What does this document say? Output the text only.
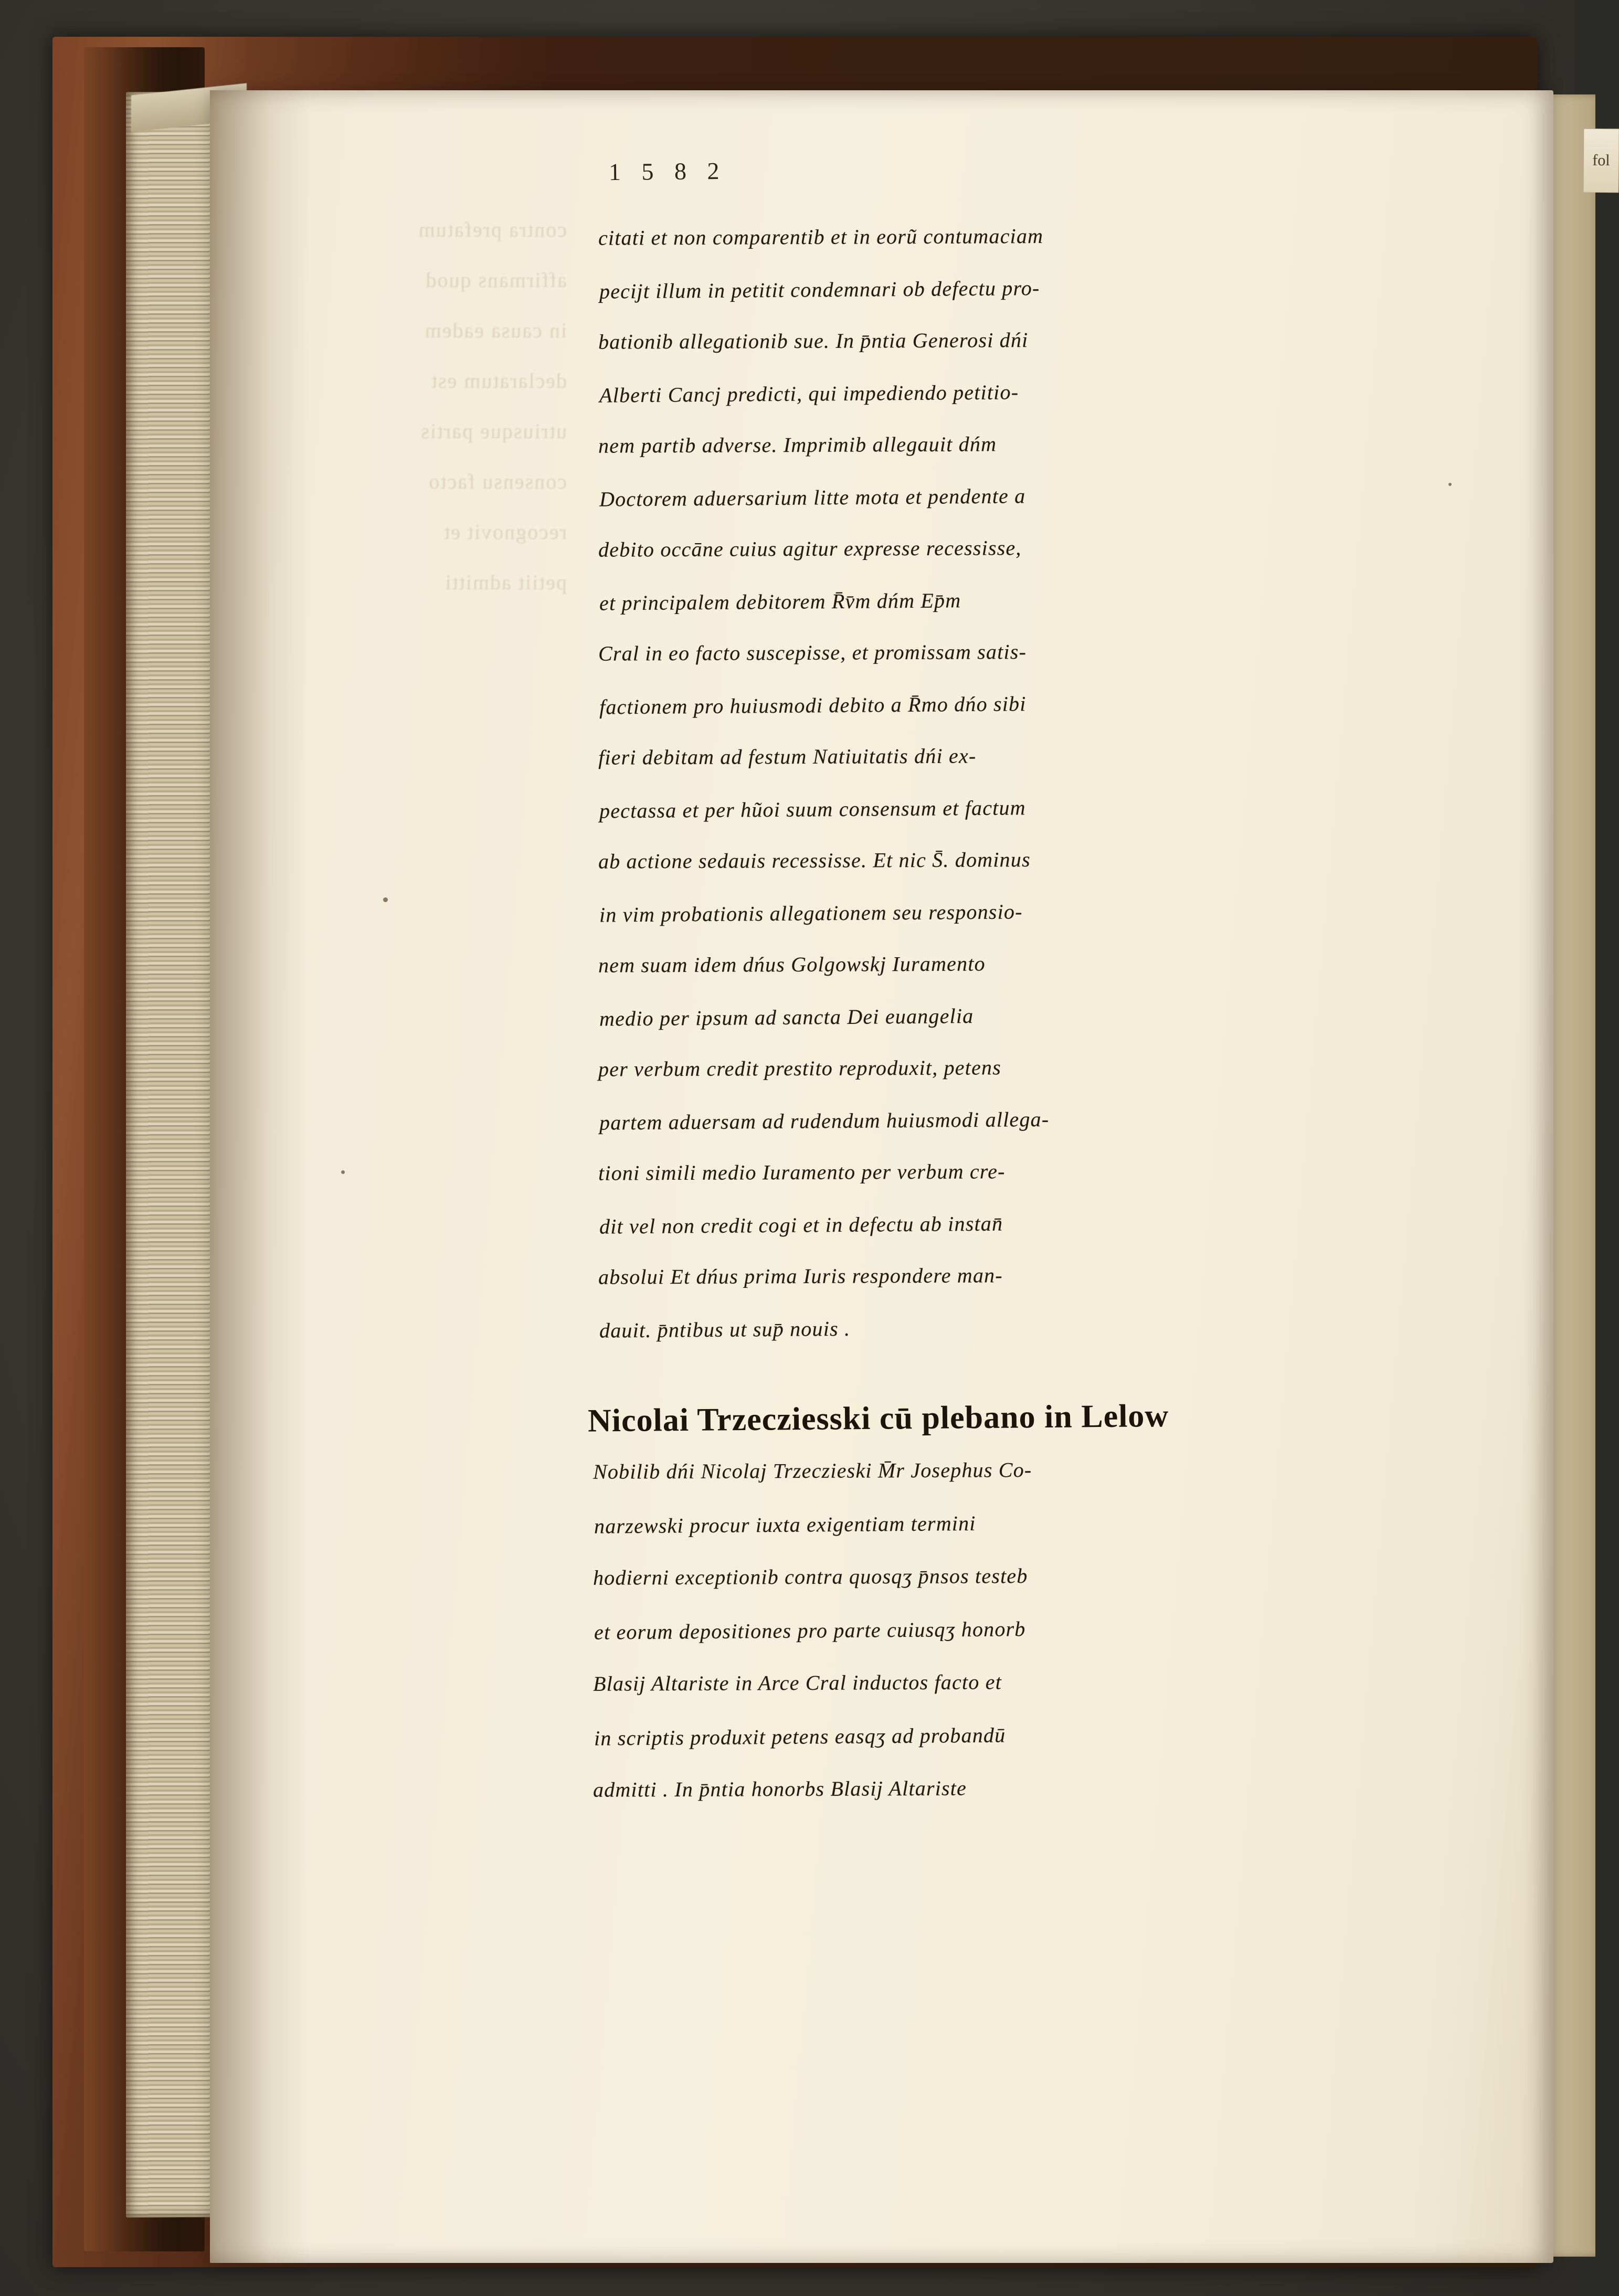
fol
1 5 8 2
citati et non comparentib et in eorũ contumaciam
pecijt illum in petitit condemnari ob defectu pro-
bationib allegationib sue. In p̄ntia Generosi dńi
Alberti Cancj predicti, qui impediendo petitio-
nem partib adverse. Imprimib allegauit dńm
Doctorem aduersarium litte mota et pendente a
debito occāne cuius agitur expresse recessisse,
et principalem debitorem R̄v̄m dńm Ep̄m
Cral in eo facto suscepisse, et promissam satis-
factionem pro huiusmodi debito a R̄mo dńo sibi
fieri debitam ad festum Natiuitatis dńi ex-
pectassa et per hũoi suum consensum et factum
ab actione sedauis recessisse. Et nic S̄. dominus
in vim probationis allegationem seu responsio-
nem suam idem dńus Golgowskj Iuramento
medio per ipsum ad sancta Dei euangelia
per verbum credit prestito reproduxit, petens
partem aduersam ad rudendum huiusmodi allega-
tioni simili medio Iuramento per verbum cre-
dit vel non credit cogi et in defectu ab instan̄
absolui Et dńus prima Iuris respondere man-
dauit. p̄ntibus ut sup̄ nouis .
Nicolai Trzecziesski cū plebano in Lelow
Nobilib dńi Nicolaj Trzeczieski M̄r Josephus Co-
narzewski procur iuxta exigentiam termini
hodierni exceptionib contra quosqʒ p̄nsos testeb
et eorum depositiones pro parte cuiusqʒ honorb
Blasij Altariste in Arce Cral inductos facto et
in scriptis produxit petens easqʒ ad probandū
admitti . In p̄ntia honorbs Blasij Altariste
